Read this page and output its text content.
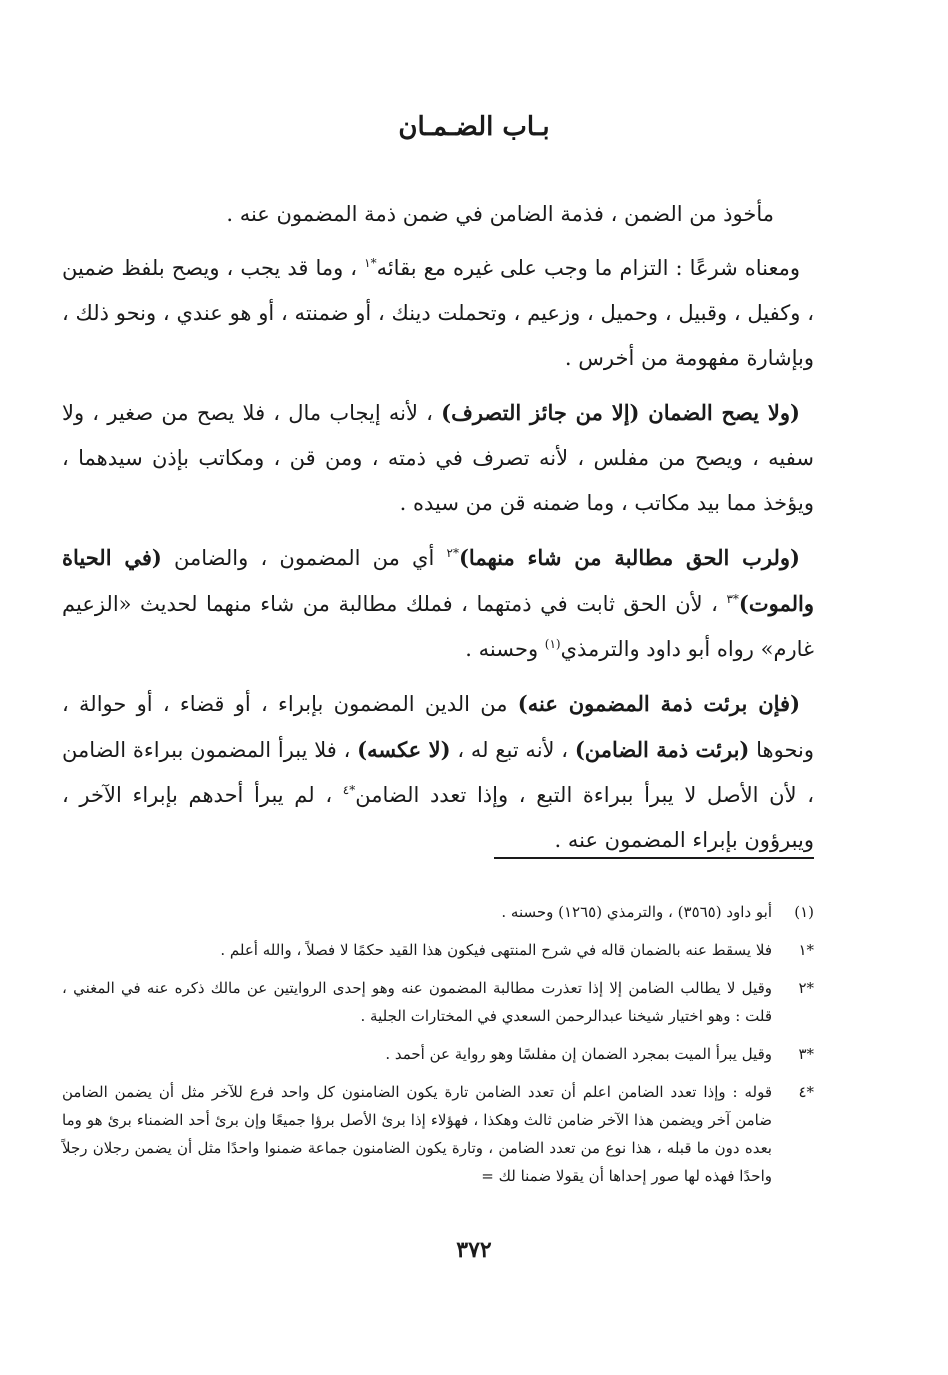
بـاب الضـمـان

مأخوذ من الضمن ، فذمة الضامن في ضمن ذمة المضمون عنه .

ومعناه شرعًا : التزام ما وجب على غيره مع بقائه$^{*١}$ ، وما قد يجب ، ويصح بلفظ ضمين ، وكفيل ، وقبيل ، وحميل ، وزعيم ، وتحملت دينك ، أو ضمنته ، أو هو عندي ، ونحو ذلك ، وبإشارة مفهومة من أخرس .

(ولا يصح الضمان (إلا من جائز التصرف) ، لأنه إيجاب مال ، فلا يصح من صغير ، ولا سفيه ، ويصح من مفلس ، لأنه تصرف في ذمته ، ومن قن ، ومكاتب بإذن سيدهما ، ويؤخذ مما بيد مكاتب ، وما ضمنه قن من سيده .

(ولرب الحق مطالبة من شاء منهما)$^{*٢}$ أي من المضمون ، والضامن (في الحياة والموت)$^{*٣}$ ، لأن الحق ثابت في ذمتهما ، فملك مطالبة من شاء منهما لحديث «الزعيم غارم» رواه أبو داود والترمذي$^{(١)}$ وحسنه .

(فإن برئت ذمة المضمون عنه) من الدين المضمون بإبراء ، أو قضاء ، أو حوالة ، ونحوها (برئت ذمة الضامن) ، لأنه تبع له ، (لا عكسه) ، فلا يبرأ المضمون ببراءة الضامن ، لأن الأصل لا يبرأ ببراءة التبع ، وإذا تعدد الضامن$^{*٤}$ ، لم يبرأ أحدهم بإبراء الآخر ، ويبرؤون بإبراء المضمون عنه .

(١)
أبو داود (٣٥٦٥) ، والترمذي (١٢٦٥) وحسنه .
*١
فلا يسقط عنه بالضمان قاله في شرح المنتهى فيكون هذا القيد حكمًا لا فصلاً ، والله أعلم .
*٢
وقيل لا يطالب الضامن إلا إذا تعذرت مطالبة المضمون عنه وهو إحدى الروايتين عن مالك ذكره عنه في المغني ، قلت : وهو اختيار شيخنا عبدالرحمن السعدي في المختارات الجلية .
*٣
وقيل يبرأ الميت بمجرد الضمان إن مفلسًا وهو رواية عن أحمد .
*٤
قوله : وإذا تعدد الضامن اعلم أن تعدد الضامن تارة يكون الضامنون كل واحد فرع للآخر مثل أن يضمن الضامن ضامن آخر ويضمن هذا الآخر ضامن ثالث وهكذا ، فهؤلاء إذا برئ الأصل برؤا جميعًا وإن برئ أحد الضمناء برئ هو وما بعده دون ما قبله ، هذا نوع من تعدد الضامن ، وتارة يكون الضامنون جماعة ضمنوا واحدًا مثل أن يضمن رجلان رجلاً واحدًا فهذه لها صور إحداها أن يقولا ضمنا لك =
٣٧٢
